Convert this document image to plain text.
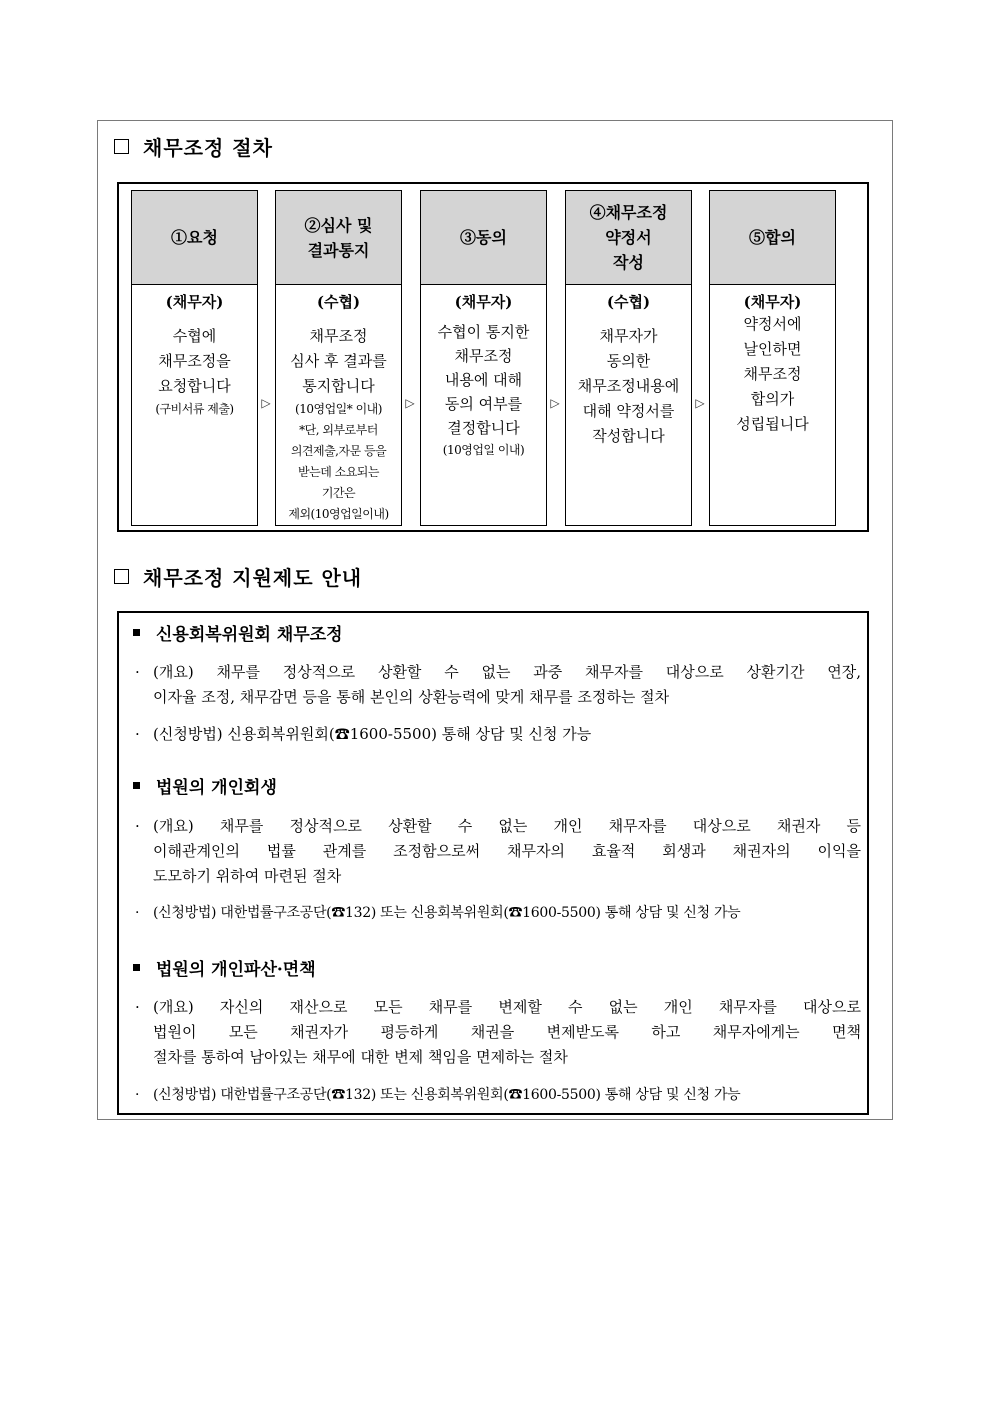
채무조정 절차
①요청
(채무자)
수협에
채무조정을
요청합니다
(구비서류 제출)	▷
②심사 및
결과통지
(수협)
채무조정
심사 후 결과를
통지합니다
(10영업일* 이내)
*단, 외부로부터
의견제출,자문 등을
받는데 소요되는
기간은
제외(10영업일이내)
▷
③동의
(채무자)
수협이 통지한
채무조정
내용에 대해
동의 여부를
결정합니다
(10영업일 이내)
▷
④채무조정
약정서
작성
(수협)
채무자가
동의한
채무조정내용에
대해 약정서를
작성합니다
▷
⑤합의
(채무자)
약정서에
날인하면
채무조정
합의가
성립됩니다
채무조정 지원제도 안내
신용회복위원회 채무조정
· (개요) 채무를 정상적으로 상환할 수 없는 과중 채무자를 대상으로 상환기간 연장,
이자율 조정, 채무감면 등을 통해 본인의 상환능력에 맞게 채무를 조정하는 절차
· (신청방법) 신용회복위원회(☎1600-5500) 통해 상담 및 신청 가능
법원의 개인회생
· (개요) 채무를 정상적으로 상환할 수 없는 개인 채무자를 대상으로 채권자 등
이해관계인의 법률 관계를 조정함으로써 채무자의 효율적 회생과 채권자의 이익을
도모하기 위하여 마련된 절차
· (신청방법) 대한법률구조공단(☎132) 또는 신용회복위원회(☎1600-5500) 통해 상담 및 신청 가능
법원의 개인파산·면책
· (개요) 자신의 재산으로 모든 채무를 변제할 수 없는 개인 채무자를 대상으로
법원이 모든 채권자가 평등하게 채권을 변제받도록 하고 채무자에게는 면책
절차를 통하여 남아있는 채무에 대한 변제 책임을 면제하는 절차
· (신청방법) 대한법률구조공단(☎132) 또는 신용회복위원회(☎1600-5500) 통해 상담 및 신청 가능
